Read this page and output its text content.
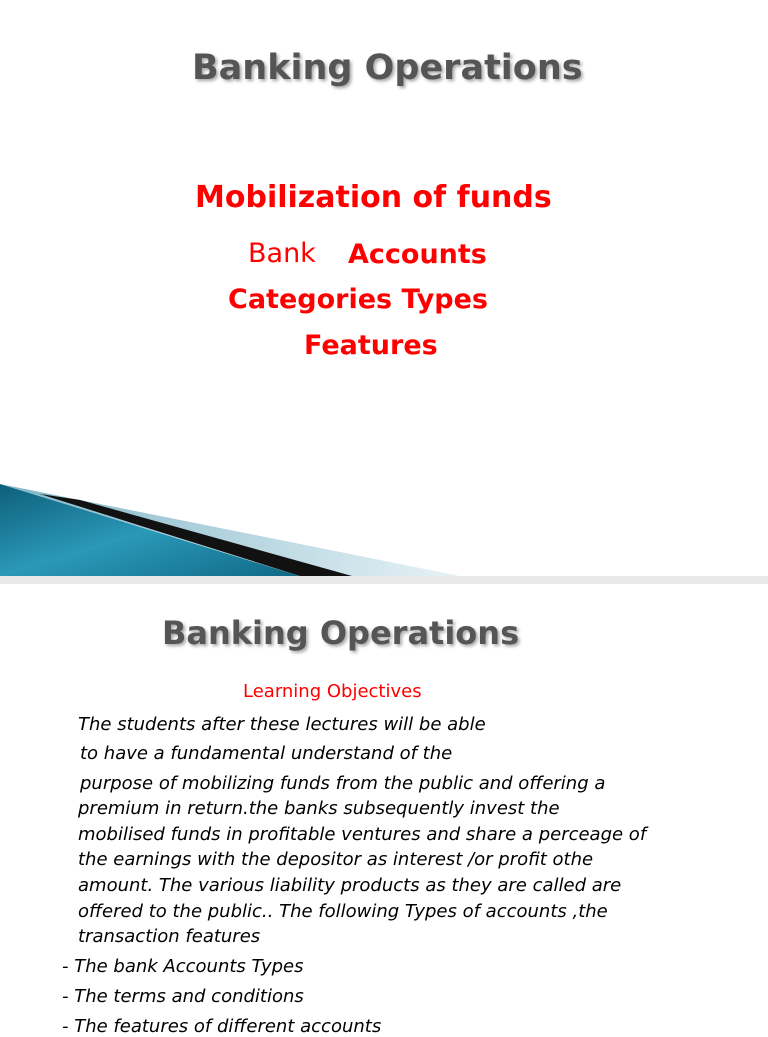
Banking Operations
Mobilization of funds
Bank Accounts
Categories Types
Features
Banking Operations
Learning Objectives
The students after these lectures will be able
to have a fundamental understand of the
purpose of mobilizing funds from the public and offering a
premium in return.the banks subsequently invest the
mobilised funds in profitable ventures and share a perceage of
the earnings with the depositor as interest /or profit othe
amount. The various liability products as they are called are
offered to the public.. The following Types of accounts ,the
transaction features
- The bank Accounts Types
- The terms and conditions
- The features of different accounts
